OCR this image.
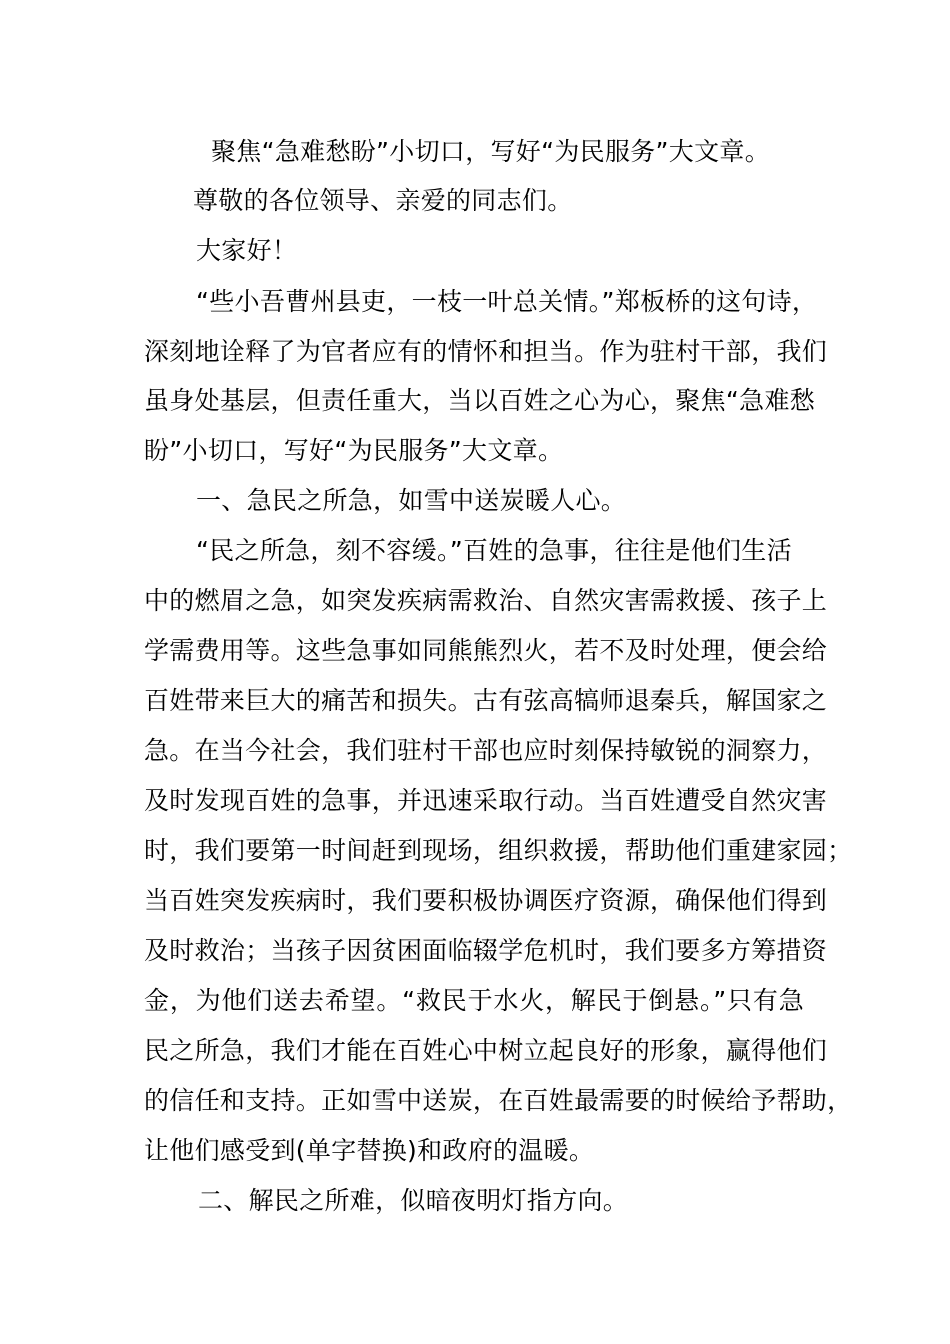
聚焦“急难愁盼”小切口，写好“为民服务”大文章。
尊敬的各位领导、亲爱的同志们。
大家好！
“些小吾曹州县吏，一枝一叶总关情。”郑板桥的这句诗，
深刻地诠释了为官者应有的情怀和担当。作为驻村干部，我们
虽身处基层，但责任重大，当以百姓之心为心，聚焦“急难愁
盼”小切口，写好“为民服务”大文章。
一、急民之所急，如雪中送炭暖人心。
“民之所急，刻不容缓。”百姓的急事，往往是他们生活
中的燃眉之急，如突发疾病需救治、自然灾害需救援、孩子上
学需费用等。这些急事如同熊熊烈火，若不及时处理，便会给
百姓带来巨大的痛苦和损失。古有弦高犒师退秦兵，解国家之
急。在当今社会，我们驻村干部也应时刻保持敏锐的洞察力，
及时发现百姓的急事，并迅速采取行动。当百姓遭受自然灾害
时，我们要第一时间赶到现场，组织救援，帮助他们重建家园；
当百姓突发疾病时，我们要积极协调医疗资源，确保他们得到
及时救治；当孩子因贫困面临辍学危机时，我们要多方筹措资
金，为他们送去希望。“救民于水火，解民于倒悬。”只有急
民之所急，我们才能在百姓心中树立起良好的形象，赢得他们
的信任和支持。正如雪中送炭，在百姓最需要的时候给予帮助，
让他们感受到(单字替换)和政府的温暖。
二、解民之所难，似暗夜明灯指方向。
